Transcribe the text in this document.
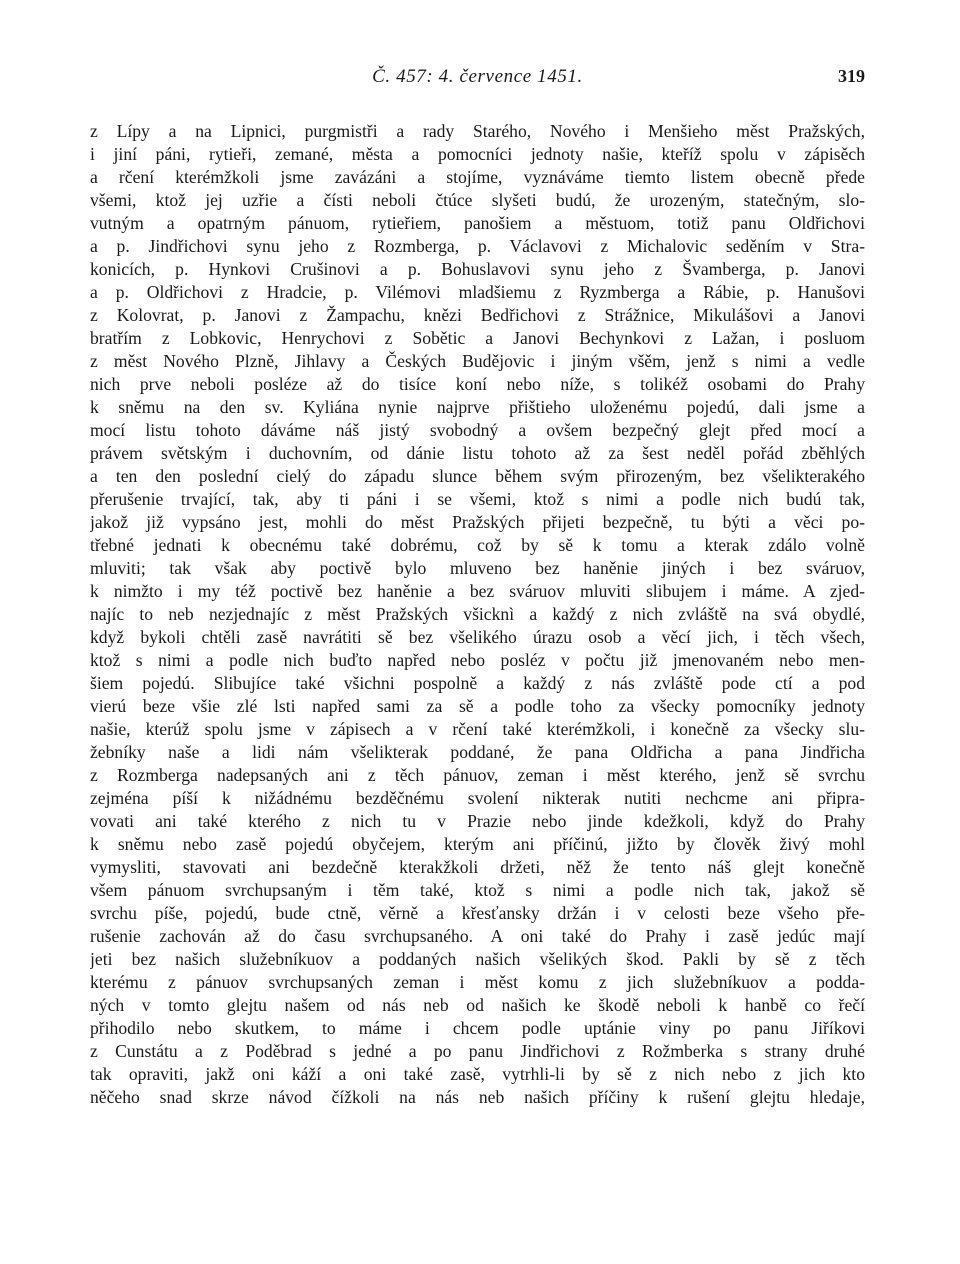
Č. 457: 4. července 1451.	319
z Lípy a na Lipnici, purgmistři a rady Starého, Nového i Menšieho měst Pražských,
i jiní páni, rytieři, zemané, města a pomocníci jednoty našie, kteříž spolu v zápisěch
a rčení kterémžkoli jsme zavázáni a stojíme, vyznáváme tiemto listem obecně přede
všemi, ktož jej uzřie a čísti neboli čtúce slyšeti budú, že urozeným, statečným, slo-
vutným a opatrným pánuom, rytieřiem, panošiem a městuom, totiž panu Oldřichovi
a p. Jindřichovi synu jeho z Rozmberga, p. Václavovi z Michalovic seděním v Stra-
konicích, p. Hynkovi Crušinovi a p. Bohuslavovi synu jeho z Švamberga, p. Janovi
a p. Oldřichovi z Hradcie, p. Vilémovi mladšiemu z Ryzmberga a Rábie, p. Hanušovi
z Kolovrat, p. Janovi z Žampachu, knězi Bedřichovi z Strážnice, Mikulášovi a Janovi
bratřím z Lobkovic, Henrychovi z Sobětic a Janovi Bechynkovi z Lažan, i posluom
z měst Nového Plzně, Jihlavy a Českých Budějovic i jiným všěm, jenž s nimi a vedle
nich prve neboli posléze až do tisíce koní nebo níže, s tolikéž osobami do Prahy
k sněmu na den sv. Kyliána nynie najprve přištieho uloženému pojedú, dali jsme a
mocí listu tohoto dáváme náš jistý svobodný a ovšem bezpečný glejt před mocí a
právem světským i duchovním, od dánie listu tohoto až za šest neděl pořád zběhlých
a ten den poslední cielý do západu slunce během svým přirozeným, bez všelikterakého
přerušenie trvající, tak, aby ti páni i se všemi, ktož s nimi a podle nich budú tak,
jakož již vypsáno jest, mohli do měst Pražských přijeti bezpečně, tu býti a věci po-
třebné jednati k obecnému také dobrému, což by sě k tomu a kterak zdálo volně
mluviti; tak však aby poctivě bylo mluveno bez haněnie jiných i bez sváruov,
k nimžto i my též poctivě bez haněnie a bez sváruov mluviti slibujem i máme. A zjed-
najíc to neb nezjednajíc z měst Pražských všicknì a každý z nich zvláště na svá obydlé,
když bykoli chtěli zasě navrátiti sě bez všelikého úrazu osob a věcí jich, i těch všech,
ktož s nimi a podle nich buďto napřed nebo posléz v počtu již jmenovaném nebo men-
šiem pojedú. Slibujíce také všichni pospolně a každý z nás zvláště pode ctí a pod
vierú beze všie zlé lsti napřed sami za sě a podle toho za všecky pomocníky jednoty
našie, kterúž spolu jsme v zápisech a v rčení také kterémžkoli, i konečně za všecky slu-
žebníky naše a lidi nám všelikterak poddané, že pana Oldřicha a pana Jindřicha
z Rozmberga nadepsaných ani z těch pánuov, zeman i měst kterého, jenž sě svrchu
zejména píší k nižádnému bezděčnému svolení nikterak nutiti nechcme ani připra-
vovati ani také kterého z nich tu v Prazie nebo jinde kdežkoli, když do Prahy
k sněmu nebo zasě pojedú obyčejem, kterým ani příčinú, jižto by člověk živý mohl
vymysliti, stavovati ani bezdečně kterakžkoli držeti, něž že tento náš glejt konečně
všem pánuom svrchupsaným i těm také, ktož s nimi a podle nich tak, jakož sě
svrchu píše, pojedú, bude ctně, věrně a křesťansky držán i v celosti beze všeho pře-
rušenie zachován až do času svrchupsaného. A oni také do Prahy i zasě jedúc mají
jeti bez našich služebníkuov a poddaných našich všelikých škod. Pakli by sě z těch
kterému z pánuov svrchupsaných zeman i měst komu z jich služebníkuov a podda-
ných v tomto glejtu našem od nás neb od našich ke škodě neboli k hanbě co řečí
přihodilo nebo skutkem, to máme i chcem podle uptánie viny po panu Jiříkovi
z Cunstátu a z Poděbrad s jedné a po panu Jindřichovi z Rožmberka s strany druhé
tak opraviti, jakž oni káží a oni také zasě, vytrhli-li by sě z nich nebo z jich kto
něčeho snad skrze návod čížkoli na nás neb našich příčiny k rušení glejtu hledaje,
